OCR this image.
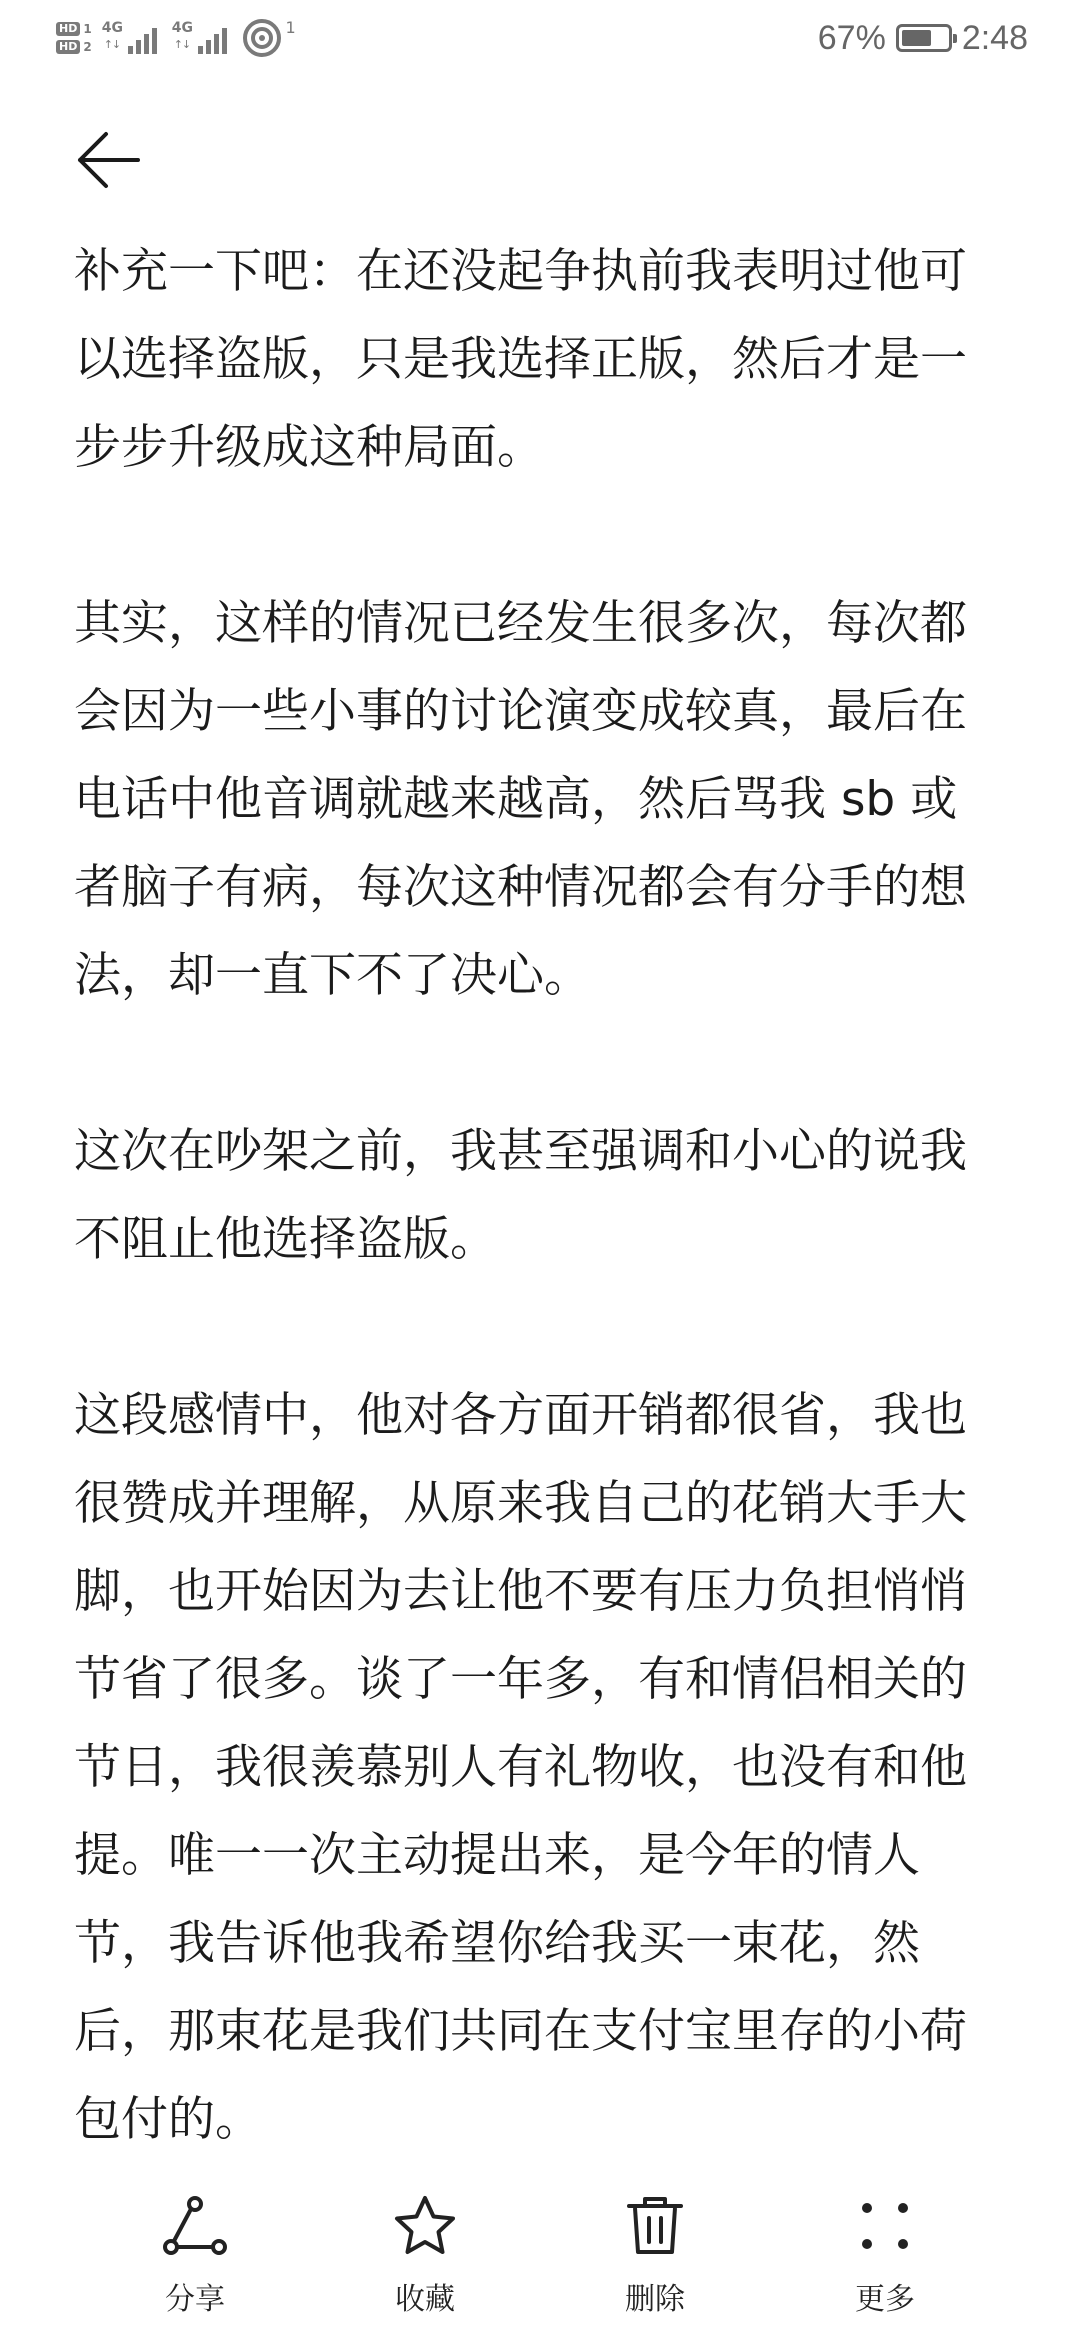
HD 1
HD 2
4G
↑↓
4G
↑↓
1	67% 2:48

补充一下吧：在还没起争执前我表明过他可以选择盗版，只是我选择正版，然后才是一步步升级成这种局面。

其实，这样的情况已经发生很多次，每次都会因为一些小事的讨论演变成较真，最后在电话中他音调就越来越高，然后骂我 sb 或者脑子有病，每次这种情况都会有分手的想法，却一直下不了决心。

这次在吵架之前，我甚至强调和小心的说我不阻止他选择盗版。

这段感情中，他对各方面开销都很省，我也很赞成并理解，从原来我自己的花销大手大脚，也开始因为去让他不要有压力负担悄悄节省了很多。谈了一年多，有和情侣相关的节日，我很羡慕别人有礼物收，也没有和他提。唯一一次主动提出来，是今年的情人节，我告诉他我希望你给我买一束花，然后，那束花是我们共同在支付宝里存的小荷包付的。

分享	收藏	删除	更多
